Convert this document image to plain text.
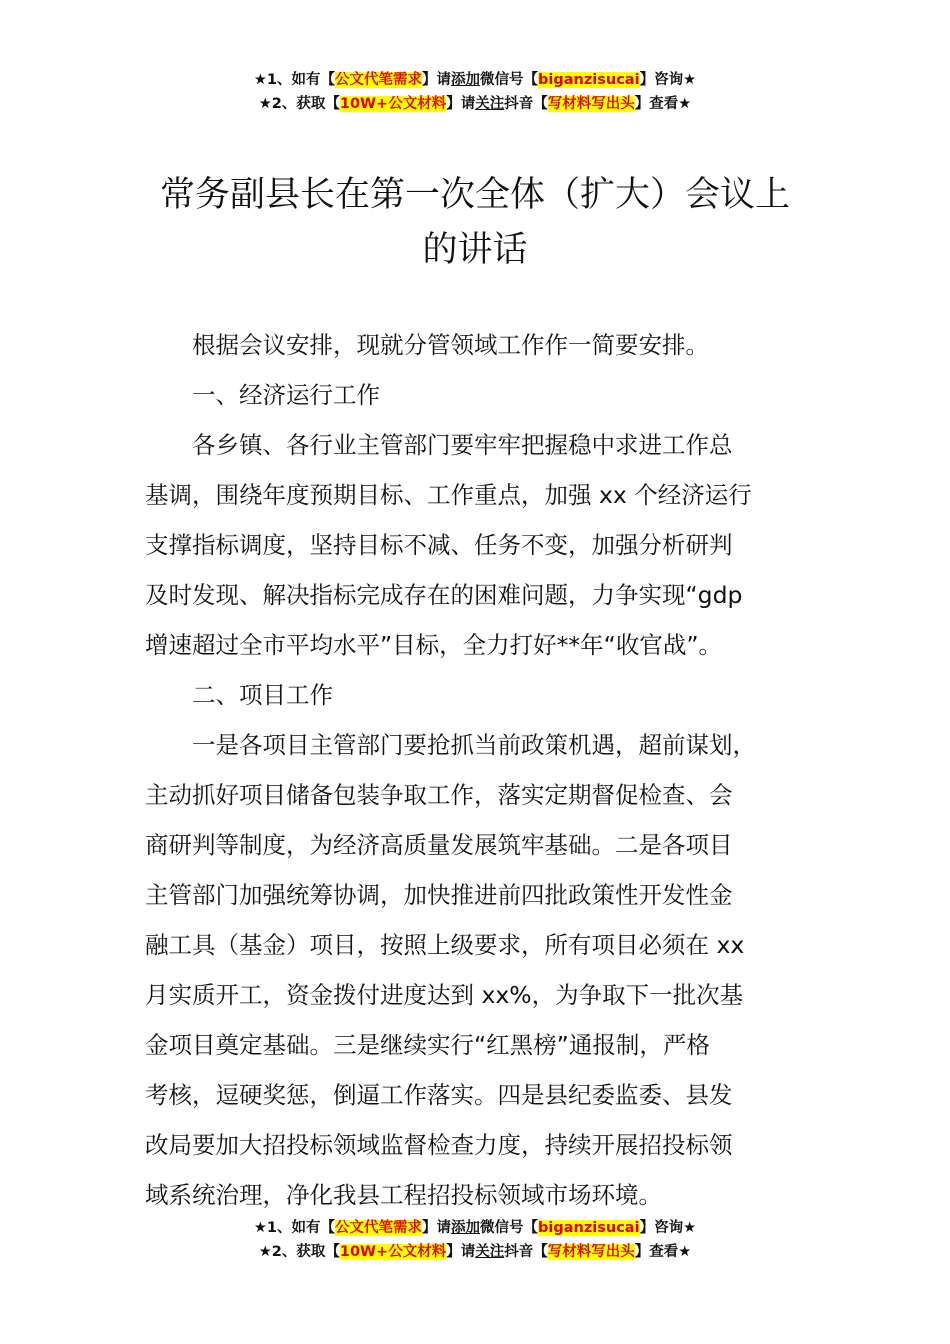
★1、如有【公文代笔需求】请添加微信号【biganzisucai】咨询★
★2、获取【10W+公文材料】请关注抖音【写材料写出头】查看★
常务副县长在第一次全体（扩大）会议上
的讲话

根据会议安排，现就分管领域工作作一简要安排。

一、经济运行工作

各乡镇、各行业主管部门要牢牢把握稳中求进工作总
基调，围绕年度预期目标、工作重点，加强 xx 个经济运行
支撑指标调度，坚持目标不减、任务不变，加强分析研判
及时发现、解决指标完成存在的困难问题，力争实现“gdp
增速超过全市平均水平”目标，全力打好**年“收官战”。

二、项目工作

一是各项目主管部门要抢抓当前政策机遇，超前谋划，
主动抓好项目储备包装争取工作，落实定期督促检查、会
商研判等制度，为经济高质量发展筑牢基础。二是各项目
主管部门加强统筹协调，加快推进前四批政策性开发性金
融工具（基金）项目，按照上级要求，所有项目必须在 xx
月实质开工，资金拨付进度达到 xx%，为争取下一批次基
金项目奠定基础。三是继续实行“红黑榜”通报制，严格
考核，逗硬奖惩，倒逼工作落实。四是县纪委监委、县发
改局要加大招投标领域监督检查力度，持续开展招投标领
域系统治理，净化我县工程招投标领域市场环境。

★1、如有【公文代笔需求】请添加微信号【biganzisucai】咨询★
★2、获取【10W+公文材料】请关注抖音【写材料写出头】查看★
